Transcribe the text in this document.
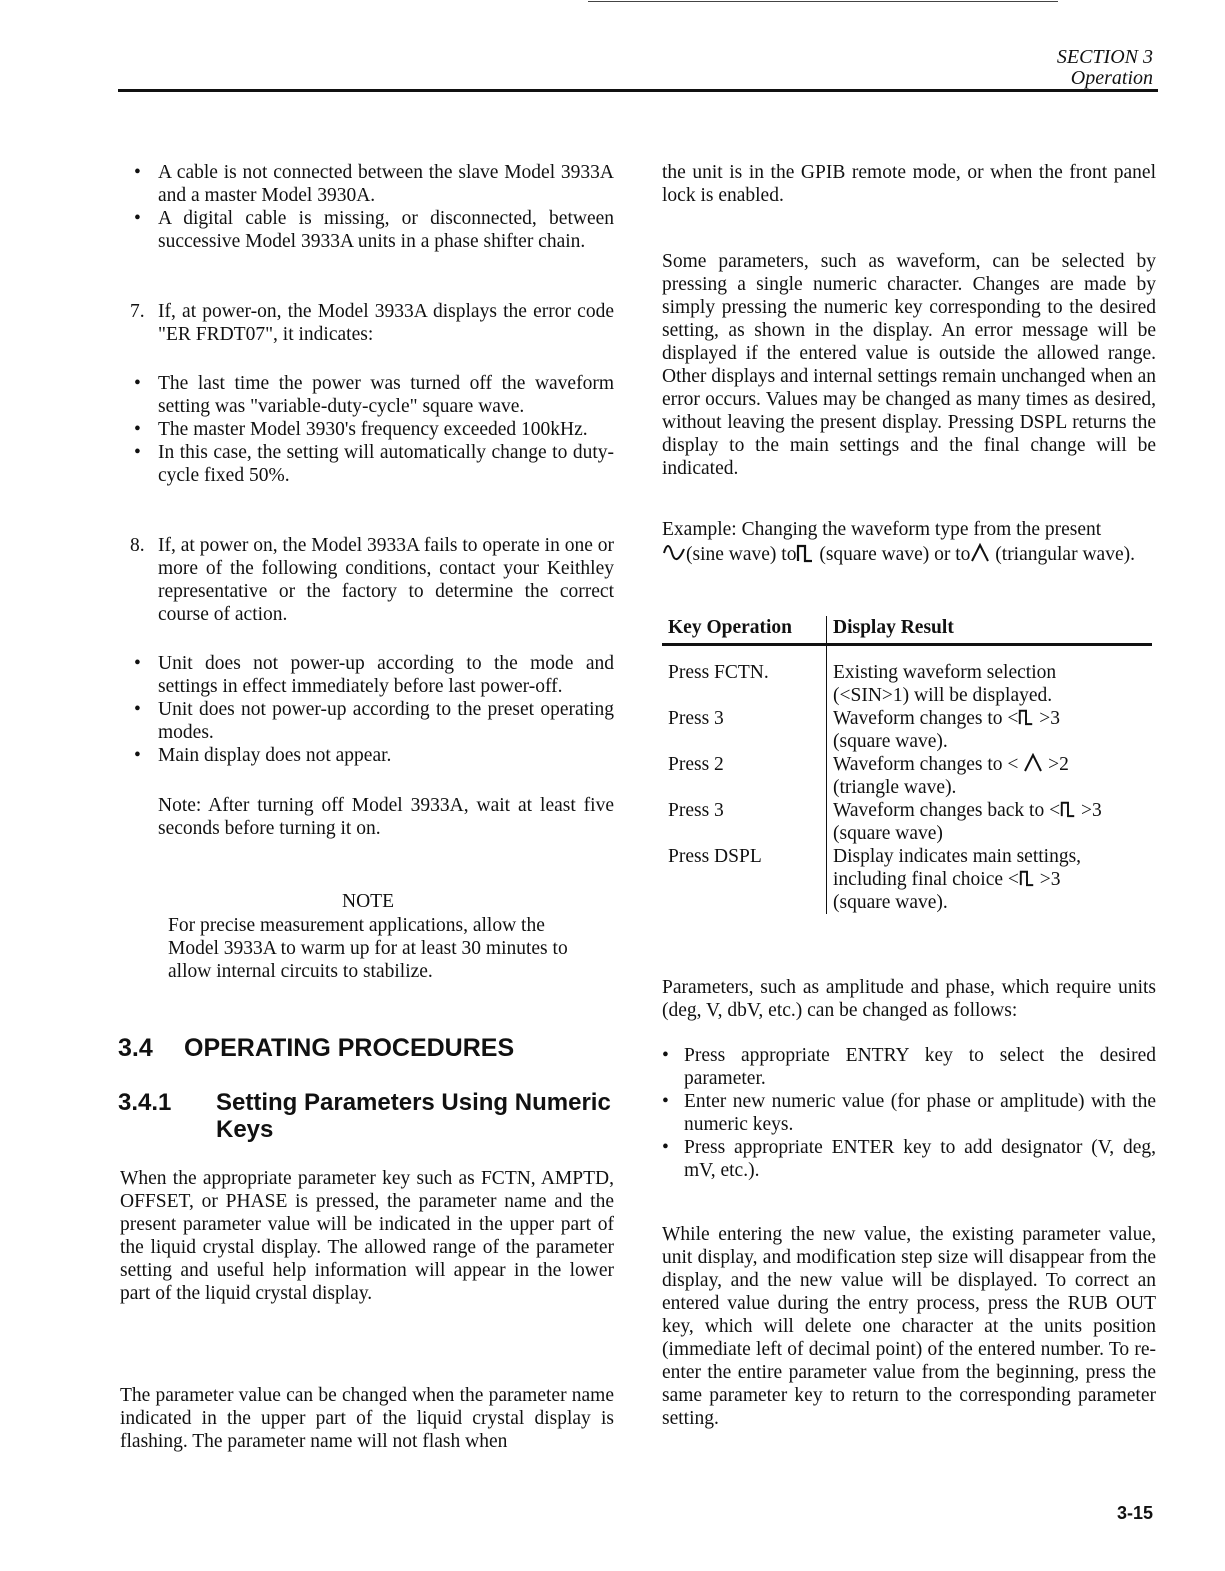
SECTION 3
Operation
• A cable is not connected between the slave Model 3933A and a master Model 3930A.
• A digital cable is missing, or disconnected, between successive Model 3933A units in a phase shifter chain.
7. If, at power-on, the Model 3933A displays the error code "ER FRDT07", it indicates:
• The last time the power was turned off the waveform setting was "variable-duty-cycle" square wave.
• The master Model 3930's frequency exceeded 100kHz.
• In this case, the setting will automatically change to duty-cycle fixed 50%.
8. If, at power on, the Model 3933A fails to operate in one or more of the following conditions, contact your Keithley representative or the factory to determine the correct course of action.
• Unit does not power-up according to the mode and settings in effect immediately before last power-off.
• Unit does not power-up according to the preset operating modes.
• Main display does not appear.
Note: After turning off Model 3933A, wait at least five seconds before turning it on.
NOTE
For precise measurement applications, allow the Model 3933A to warm up for at least 30 minutes to allow internal circuits to stabilize.
3.4 OPERATING PROCEDURES
3.4.1	Setting Parameters Using Numeric Keys
When the appropriate parameter key such as FCTN, AMPTD, OFFSET, or PHASE is pressed, the parameter name and the present parameter value will be indicated in the upper part of the liquid crystal display. The allowed range of the parameter setting and useful help information will appear in the lower part of the liquid crystal display.
The parameter value can be changed when the parameter name indicated in the upper part of the liquid crystal display is flashing. The parameter name will not flash when
the unit is in the GPIB remote mode, or when the front panel lock is enabled.
Some parameters, such as waveform, can be selected by pressing a single numeric character. Changes are made by simply pressing the numeric key corresponding to the desired setting, as shown in the display. An error message will be displayed if the entered value is outside the allowed range. Other displays and internal settings remain unchanged when an error occurs. Values may be changed as many times as desired, without leaving the present display. Pressing DSPL returns the display to the main settings and the final change will be indicated.
Example: Changing the waveform type from the present
(sine wave) to (square wave) or to (triangular wave).
Key Operation	Display Result
Press FCTN.	Existing waveform selection
(<SIN>1) will be displayed.

Press 3	Waveform changes to < >3
(square wave).

Press 2	Waveform changes to < >2
(triangle wave).

Press 3	Waveform changes back to < >3
(square wave)

Press DSPL	Display indicates main settings,
including final choice < >3
(square wave).
Parameters, such as amplitude and phase, which require units (deg, V, dbV, etc.) can be changed as follows:
• Press appropriate ENTRY key to select the desired parameter.
• Enter new numeric value (for phase or amplitude) with the numeric keys.
• Press appropriate ENTER key to add designator (V, deg, mV, etc.).
While entering the new value, the existing parameter value, unit display, and modification step size will disappear from the display, and the new value will be displayed. To correct an entered value during the entry process, press the RUB OUT key, which will delete one character at the units position (immediate left of decimal point) of the entered number. To re-enter the entire parameter value from the beginning, press the same parameter key to return to the corresponding parameter setting.
3-15
